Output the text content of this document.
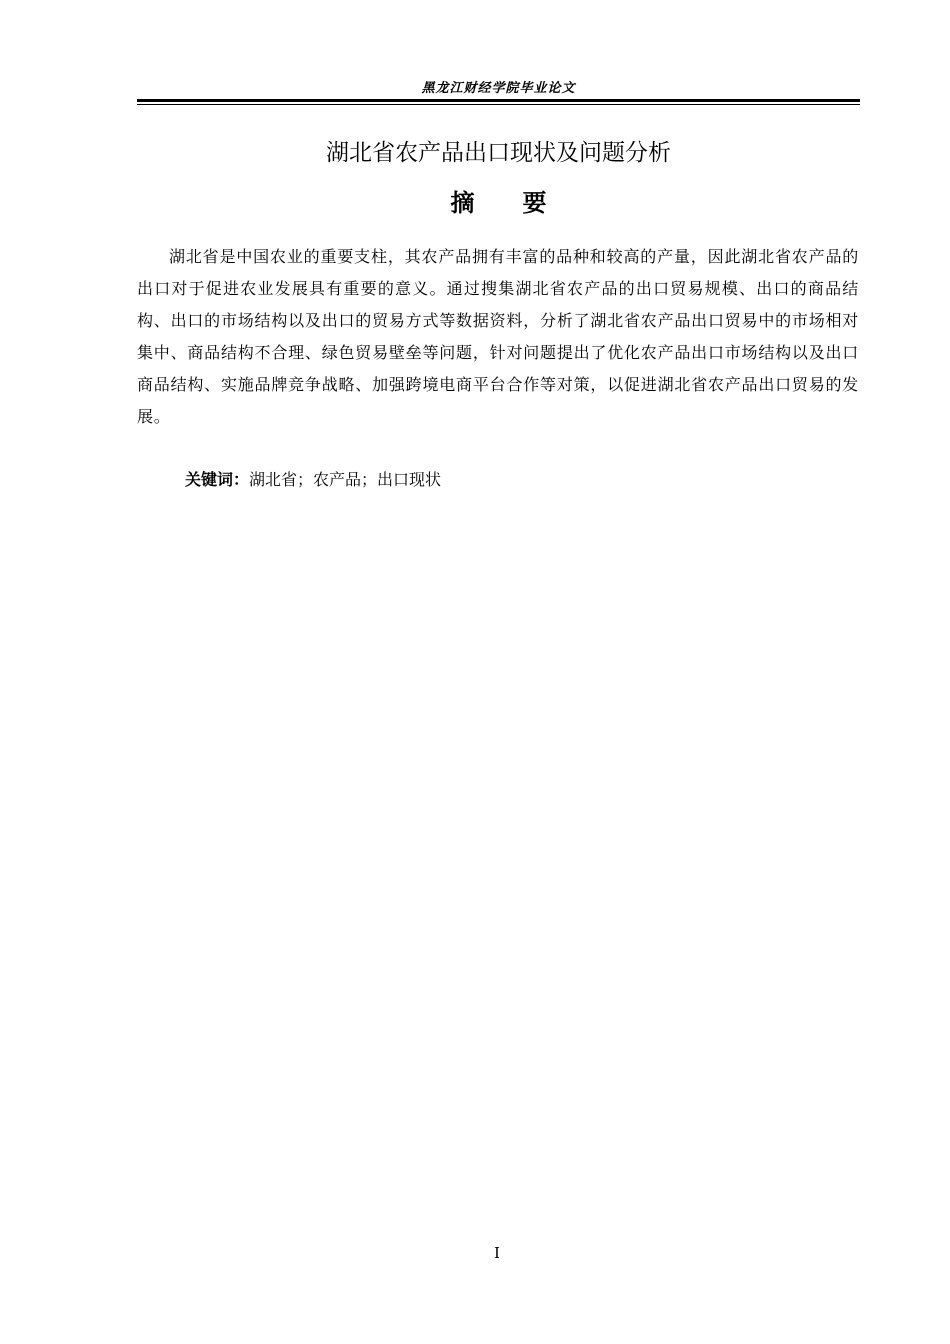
黑龙江财经学院毕业论文
湖北省农产品出口现状及问题分析
摘 要

湖北省是中国农业的重要支柱，其农产品拥有丰富的品种和较高的产量，因此湖北省农产品的出口对于促进农业发展具有重要的意义。通过搜集湖北省农产品的出口贸易规模、出口的商品结构、出口的市场结构以及出口的贸易方式等数据资料，分析了湖北省农产品出口贸易中的市场相对集中、商品结构不合理、绿色贸易壁垒等问题，针对问题提出了优化农产品出口市场结构以及出口商品结构、实施品牌竞争战略、加强跨境电商平台合作等对策，以促进湖北省农产品出口贸易的发展。

关键词：湖北省；农产品；出口现状
I
